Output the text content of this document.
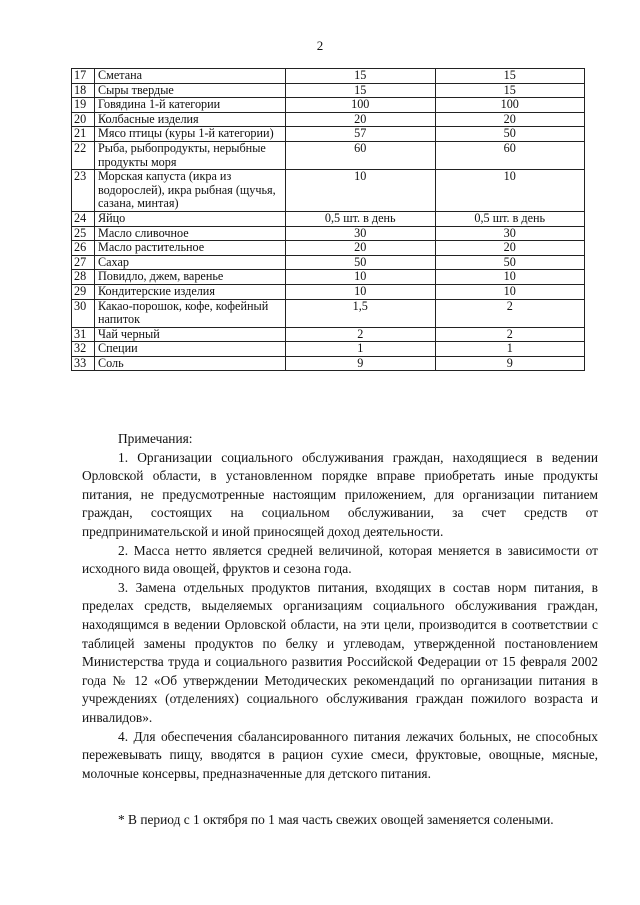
2
17	Сметана	15	15
18	Сыры твердые	15	15
19	Говядина 1-й категории	100	100
20	Колбасные изделия	20	20
21	Мясо птицы (куры 1-й категории)	57	50
22	Рыба, рыбопродукты, нерыбные продукты моря	60	60
23	Морская капуста (икра из водорослей), икра рыбная (щучья, сазана, минтая)	10	10
24	Яйцо	0,5 шт. в день	0,5 шт. в день
25	Масло сливочное	30	30
26	Масло растительное	20	20
27	Сахар	50	50
28	Повидло, джем, варенье	10	10
29	Кондитерские изделия	10	10
30	Какао-порошок, кофе, кофейный напиток	1,5	2
31	Чай черный	2	2
32	Специи	1	1
33	Соль	9	9

Примечания:

1. Организации социального обслуживания граждан, находящиеся в ведении Орловской области, в установленном порядке вправе приобретать иные продукты питания, не предусмотренные настоящим приложением, для организации питанием граждан, состоящих на социальном обслуживании, за счет средств от предпринимательской и иной приносящей доход деятельности.

2. Масса нетто является средней величиной, которая меняется в зависимости от исходного вида овощей, фруктов и сезона года.

3. Замена отдельных продуктов питания, входящих в состав норм питания, в пределах средств, выделяемых организациям социального обслуживания граждан, находящимся в ведении Орловской области, на эти цели, производится в соответствии с таблицей замены продуктов по белку и углеводам, утвержденной постановлением Министерства труда и социального развития Российской Федерации от 15 февраля 2002 года № 12 «Об утверждении Методических рекомендаций по организации питания в учреждениях (отделениях) социального обслуживания граждан пожилого возраста и инвалидов».

4. Для обеспечения сбалансированного питания лежачих больных, не способных пережевывать пищу, вводятся в рацион сухие смеси, фруктовые, овощные, мясные, молочные консервы, предназначенные для детского питания.

* В период с 1 октября по 1 мая часть свежих овощей заменяется солеными.
